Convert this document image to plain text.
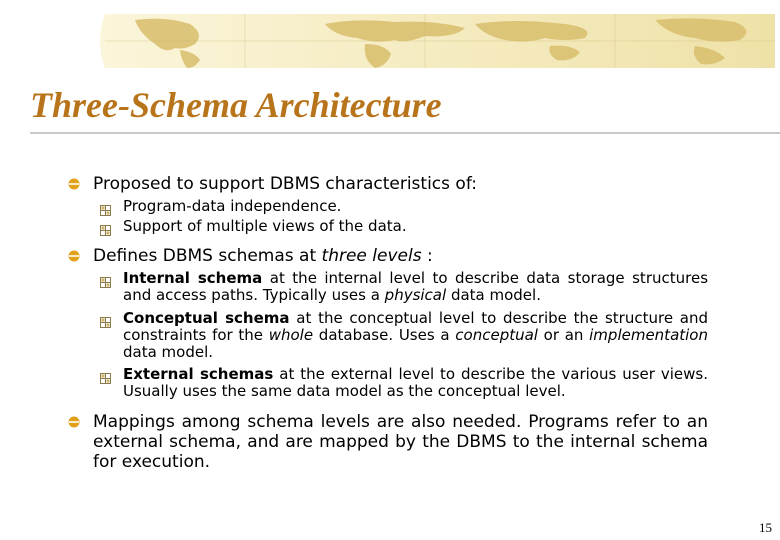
Three-Schema Architecture
Proposed to support DBMS characteristics of:
Program-data independence.
Support of multiple views of the data.
Defines DBMS schemas at three levels :
Internal schema at the internal level to describe data storage structures and access paths. Typically uses a physical data model.
Conceptual schema at the conceptual level to describe the structure and constraints for the whole database. Uses a conceptual or an implementation data model.
External schemas at the external level to describe the various user views. Usually uses the same data model as the conceptual level.
Mappings among schema levels are also needed. Programs refer to an external schema, and are mapped by the DBMS to the internal schema for execution.
15
